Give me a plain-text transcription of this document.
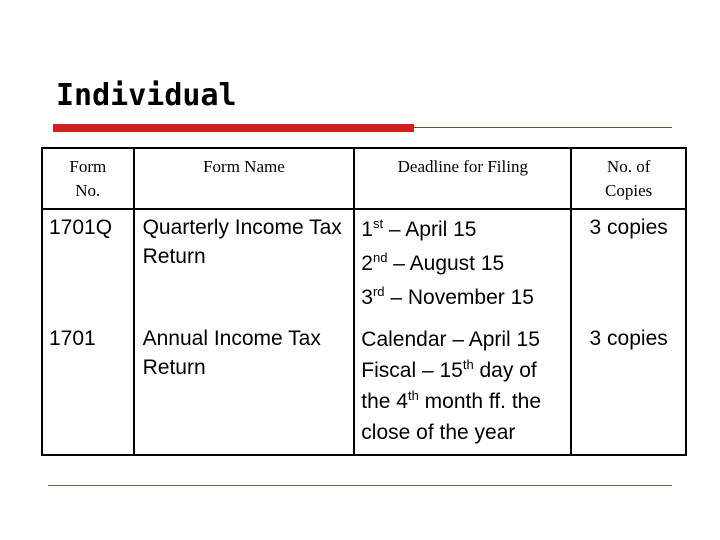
Individual
Form
No.	Form Name	Deadline for Filing	No. of
Copies
1701Q	Quarterly Income Tax Return	1st – April 15
2nd – August 15
3rd – November 15	3 copies
1701	Annual Income Tax Return	Calendar – April 15
Fiscal – 15th day of the 4th month ff. the close of the year	3 copies
